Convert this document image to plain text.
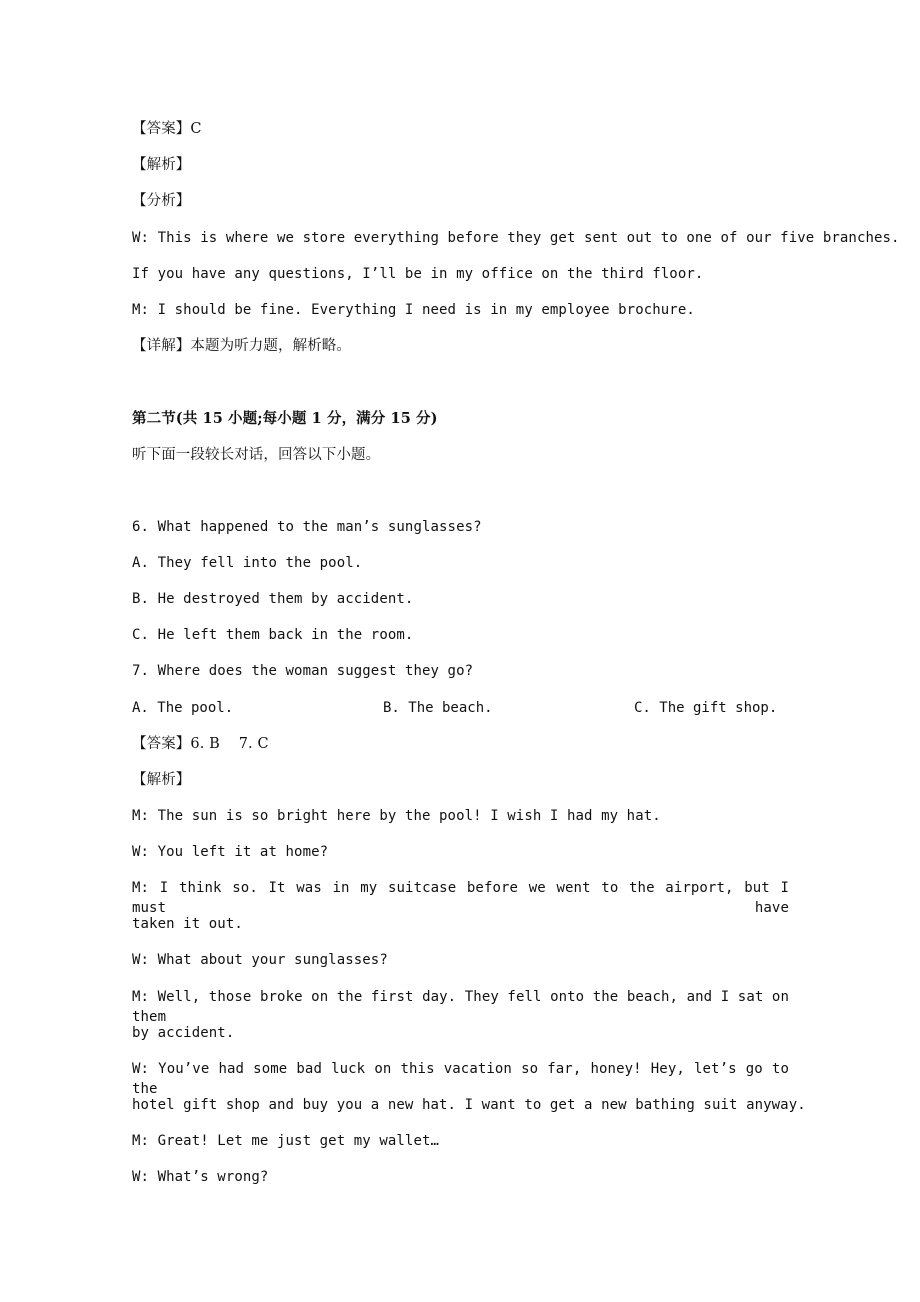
【答案】C
【解析】
【分析】
W: This is where we store everything before they get sent out to one of our five branches.
If you have any questions, I’ll be in my office on the third floor.
M: I should be fine. Everything I need is in my employee brochure.
【详解】本题为听力题，解析略。
第二节(共 15 小题;每小题 1 分，满分 15 分)
听下面一段较长对话，回答以下小题。
6. What happened to the man’s sunglasses?
A. They fell into the pool.
B. He destroyed them by accident.
C. He left them back in the room.
7. Where does the woman suggest they go?
A. The pool.	B. The beach.	C. The gift shop.
【答案】6. B    7. C
【解析】
M: The sun is so bright here by the pool! I wish I had my hat.
W: You left it at home?
M: I think so. It was in my suitcase before we went to the airport, but I must have
taken it out.
W: What about your sunglasses?
M: Well, those broke on the first day. They fell onto the beach, and I sat on them
by accident.
W: You’ve had some bad luck on this vacation so far, honey! Hey, let’s go to the
hotel gift shop and buy you a new hat. I want to get a new bathing suit anyway.
M: Great! Let me just get my wallet…
W: What’s wrong?
